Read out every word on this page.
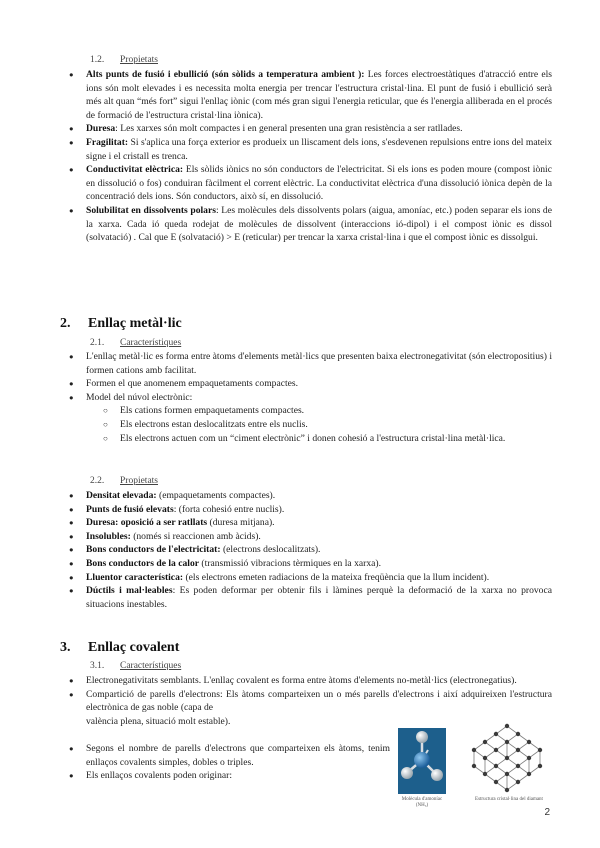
1.2. Propietats

● Alts punts de fusió i ebullició (són sòlids a temperatura ambient ): Les forces electroestàtiques d'atracció entre els ions són molt elevades i es necessita molta energia per trencar l'estructura cristal·lina. El punt de fusió i ebullició serà més alt quan “més fort” sigui l'enllaç iònic (com més gran sigui l'energia reticular, que és l'energia alliberada en el procés de formació de l'estructura cristal·lina iònica).

● Duresa: Les xarxes són molt compactes i en general presenten una gran resistència a ser ratllades.

● Fragilitat: Si s'aplica una força exterior es produeix un lliscament dels ions, s'esdevenen repulsions entre ions del mateix signe i el cristall es trenca.

● Conductivitat elèctrica: Els sòlids iònics no són conductors de l'electricitat. Si els ions es poden moure (compost iònic en dissolució o fos) conduiran fàcilment el corrent elèctric. La conductivitat elèctrica d'una dissolució iònica depèn de la concentració dels ions. Són conductors, això sí, en dissolució.

● Solubilitat en dissolvents polars: Les molècules dels dissolvents polars (aigua, amoníac, etc.) poden separar els ions de la xarxa. Cada ió queda rodejat de molècules de dissolvent (interaccions ió-dipol) i el compost iònic es dissol (solvatació) . Cal que E (solvatació) > E (reticular) per trencar la xarxa cristal·lina i que el compost iònic es dissolgui.

2. Enllaç metàl·lic
2.1. Característiques

● L'enllaç metàl·lic es forma entre àtoms d'elements metàl·lics que presenten baixa electronegativitat (són electropositius) i formen cations amb facilitat.

● Formen el que anomenem empaquetaments compactes.

● Model del núvol electrònic:

○ Els cations formen empaquetaments compactes.

○ Els electrons estan deslocalitzats entre els nuclis.

○ Els electrons actuen com un “ciment electrònic” i donen cohesió a l'estructura cristal·lina metàl·lica.

2.2. Propietats

● Densitat elevada: (empaquetaments compactes).

● Punts de fusió elevats: (forta cohesió entre nuclis).

● Duresa: oposició a ser ratllats (duresa mitjana).

● Insolubles: (només si reaccionen amb àcids).

● Bons conductors de l'electricitat: (electrons deslocalitzats).

● Bons conductors de la calor (transmissió vibracions tèrmiques en la xarxa).

● Lluentor característica: (els electrons emeten radiacions de la mateixa freqüència que la llum incident).

● Dúctils i mal·leables: Es poden deformar per obtenir fils i làmines perquè la deformació de la xarxa no provoca situacions inestables.

3. Enllaç covalent
3.1. Característiques

● Electronegativitats semblants. L'enllaç covalent es forma entre àtoms d'elements no-metàl·lics (electronegatius).

● Compartició de parells d'electrons: Els àtoms comparteixen un o més parells d'electrons i així adquireixen l'estructura electrònica de gas noble (capa de
valència plena, situació molt estable).

● Segons el nombre de parells d'electrons que comparteixen els àtoms, tenim enllaços covalents simples, dobles o triples.

● Els enllaços covalents poden originar:

Molècula d'amoníac (NH₃)
Estructura cristal·lina del diamant
2
